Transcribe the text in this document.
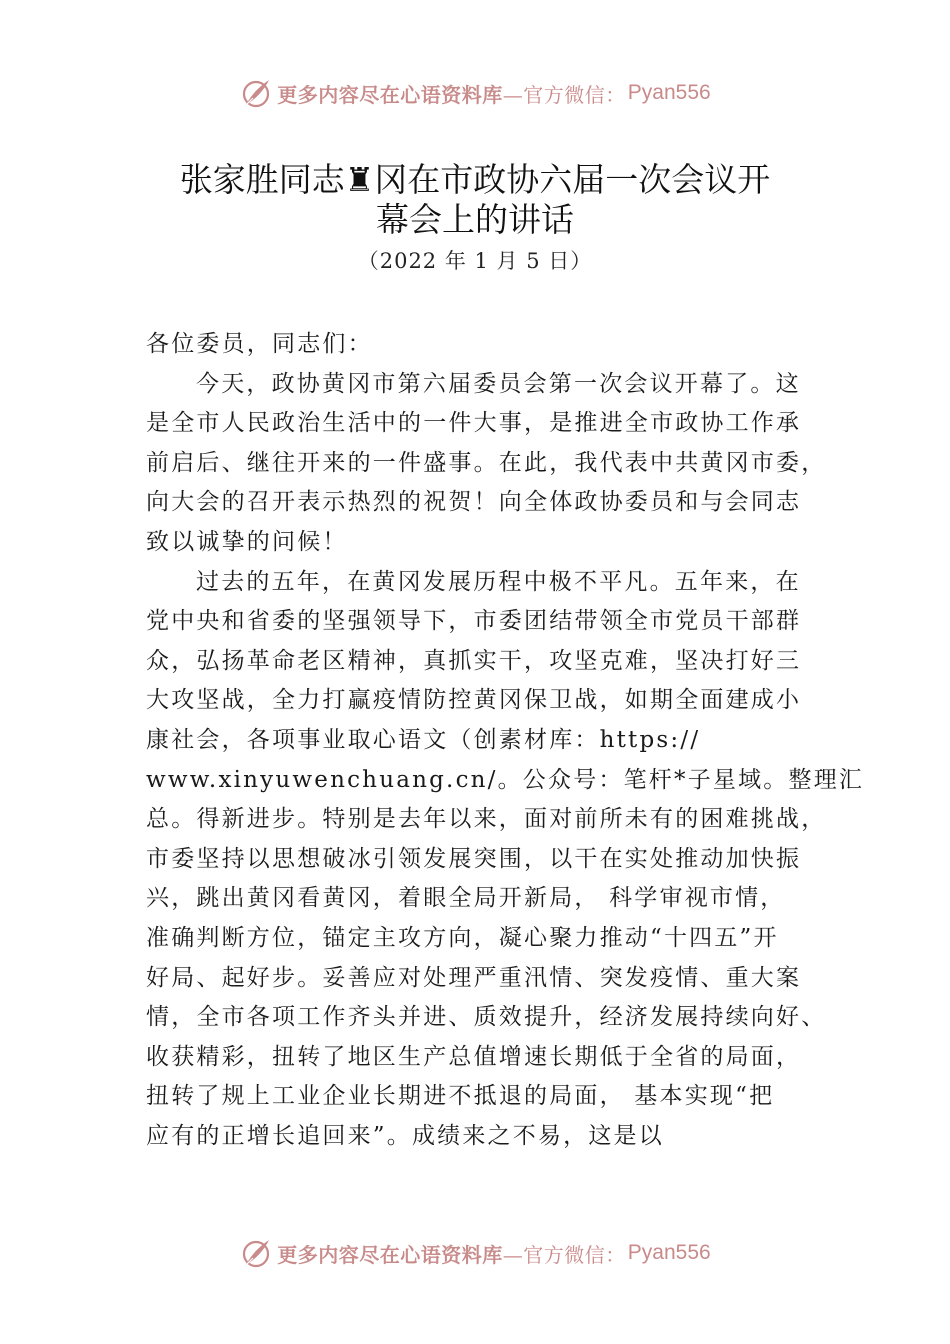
更多内容尽在心语资料库—官方微信： Pyan556
张家胜同志♜冈在市政协六届一次会议开
幕会上的讲话
（2022 年 1 月 5 日）
各位委员，同志们：
今天，政协黄冈市第六届委员会第一次会议开幕了。这
是全市人民政治生活中的一件大事，是推进全市政协工作承
前启后、继往开来的一件盛事。在此，我代表中共黄冈市委，
向大会的召开表示热烈的祝贺！向全体政协委员和与会同志
致以诚挚的问候！
过去的五年，在黄冈发展历程中极不平凡。五年来，在
党中央和省委的坚强领导下，市委团结带领全市党员干部群
众，弘扬革命老区精神，真抓实干，攻坚克难，坚决打好三
大攻坚战，全力打赢疫情防控黄冈保卫战，如期全面建成小
康社会，各项事业取心语文（创素材库：https://
www.xinyuwenchuang.cn/。公众号：笔杆*子星域。整理汇
总。得新进步。特别是去年以来，面对前所未有的困难挑战，
市委坚持以思想破冰引领发展突围，以干在实处推动加快振
兴，跳出黄冈看黄冈，着眼全局开新局， 科学审视市情，
准确判断方位，锚定主攻方向，凝心聚力推动“十四五”开
好局、起好步。妥善应对处理严重汛情、突发疫情、重大案
情，全市各项工作齐头并进、质效提升，经济发展持续向好、
收获精彩，扭转了地区生产总值增速长期低于全省的局面，
扭转了规上工业企业长期进不抵退的局面， 基本实现“把
应有的正增长追回来”。成绩来之不易，这是以
更多内容尽在心语资料库—官方微信： Pyan556
